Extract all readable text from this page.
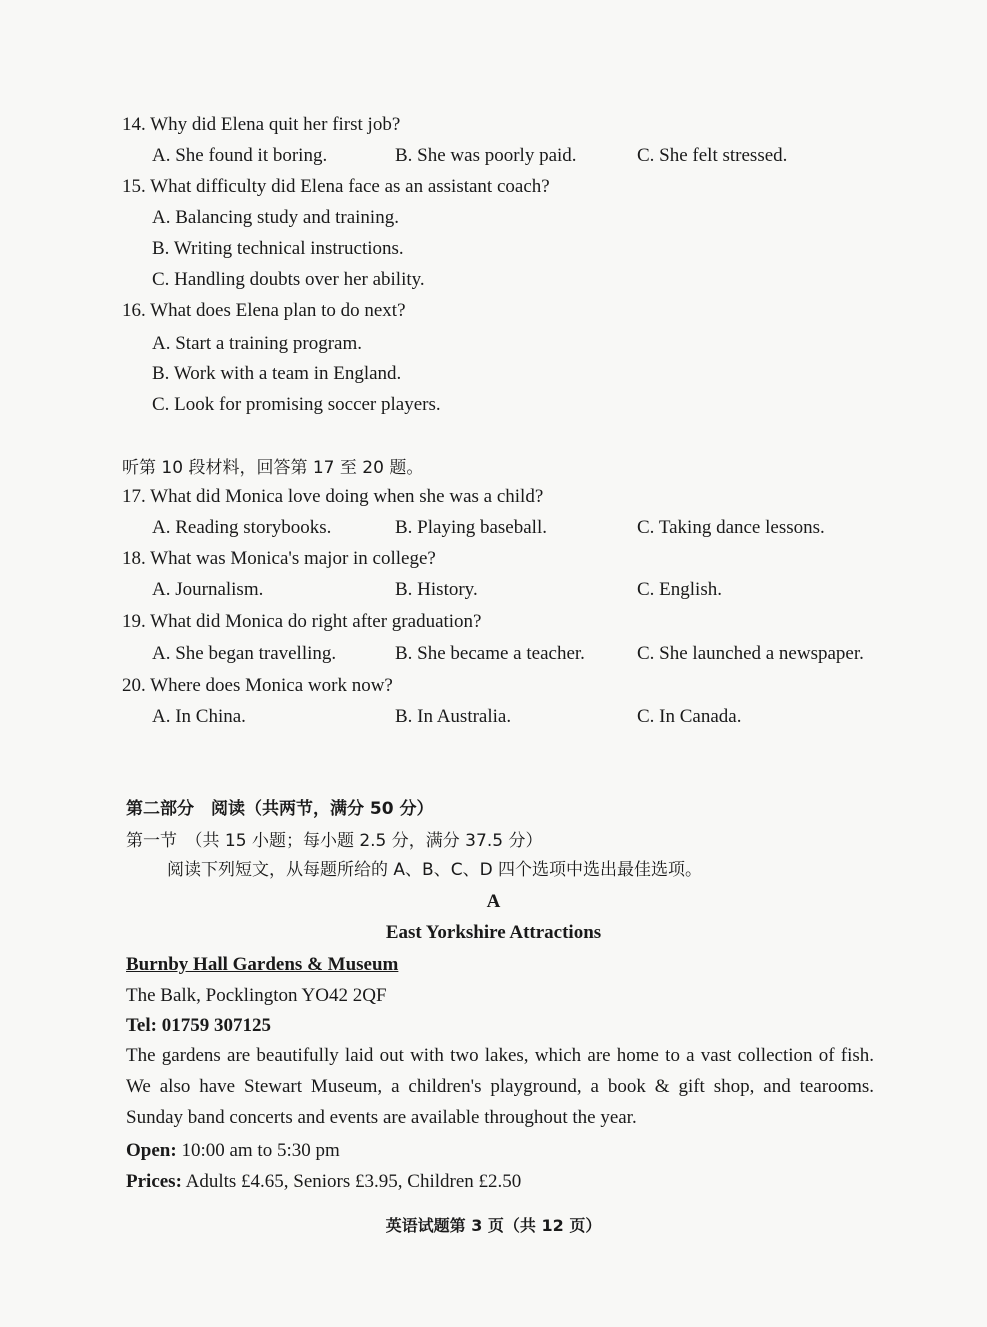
14. Why did Elena quit her first job?
A. She found it boring.	B. She was poorly paid.	C. She felt stressed.
15. What difficulty did Elena face as an assistant coach?
A. Balancing study and training.
B. Writing technical instructions.
C. Handling doubts over her ability.
16. What does Elena plan to do next?
A. Start a training program.
B. Work with a team in England.
C. Look for promising soccer players.
听第 10 段材料，回答第 17 至 20 题。
17. What did Monica love doing when she was a child?
A. Reading storybooks.	B. Playing baseball.	C. Taking dance lessons.
18. What was Monica's major in college?
A. Journalism.	B. History.	C. English.
19. What did Monica do right after graduation?
A. She began travelling.	B. She became a teacher.	C. She launched a newspaper.
20. Where does Monica work now?
A. In China.	B. In Australia.	C. In Canada.
第二部分　阅读（共两节，满分 50 分）
第一节　（共 15 小题；每小题 2.5 分，满分 37.5 分）
阅读下列短文，从每题所给的 A、B、C、D 四个选项中选出最佳选项。
A
East Yorkshire Attractions
Burnby Hall Gardens & Museum
The Balk, Pocklington YO42 2QF
Tel: 01759 307125
The gardens are beautifully laid out with two lakes, which are home to a vast collection of fish. We also have Stewart Museum, a children's playground, a book & gift shop, and tearooms. Sunday band concerts and events are available throughout the year.
Open: 10:00 am to 5:30 pm
Prices: Adults £4.65, Seniors £3.95, Children £2.50
英语试题第 3 页（共 12 页）
